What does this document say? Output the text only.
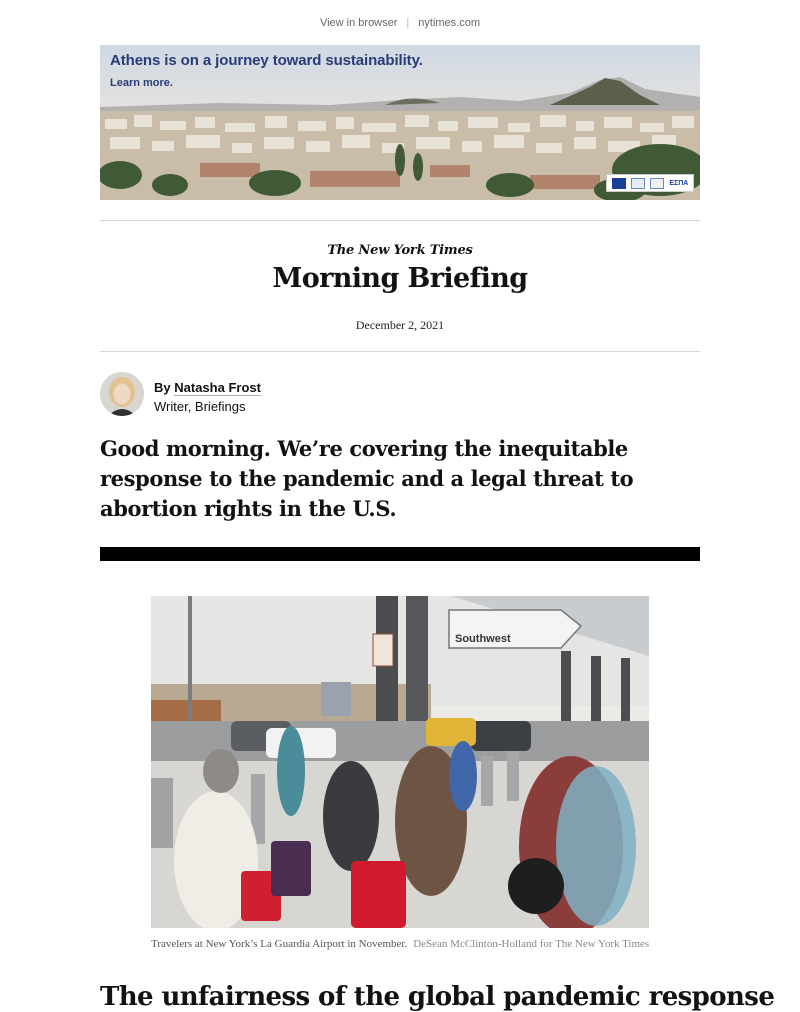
View in browser | nytimes.com
Athens is on a journey toward sustainability.
Learn more.
ΕΣΠΑ
The New York Times
Morning Briefing
December 2, 2021
By Natasha Frost
Writer, Briefings
Good morning. We’re covering the inequitable response to the pandemic and a legal threat to abortion rights in the U.S.
Southwest
Travelers at New York’s La Guardia Airport in November. DeSean McClinton-Holland for The New York Times
The unfairness of the global pandemic response
